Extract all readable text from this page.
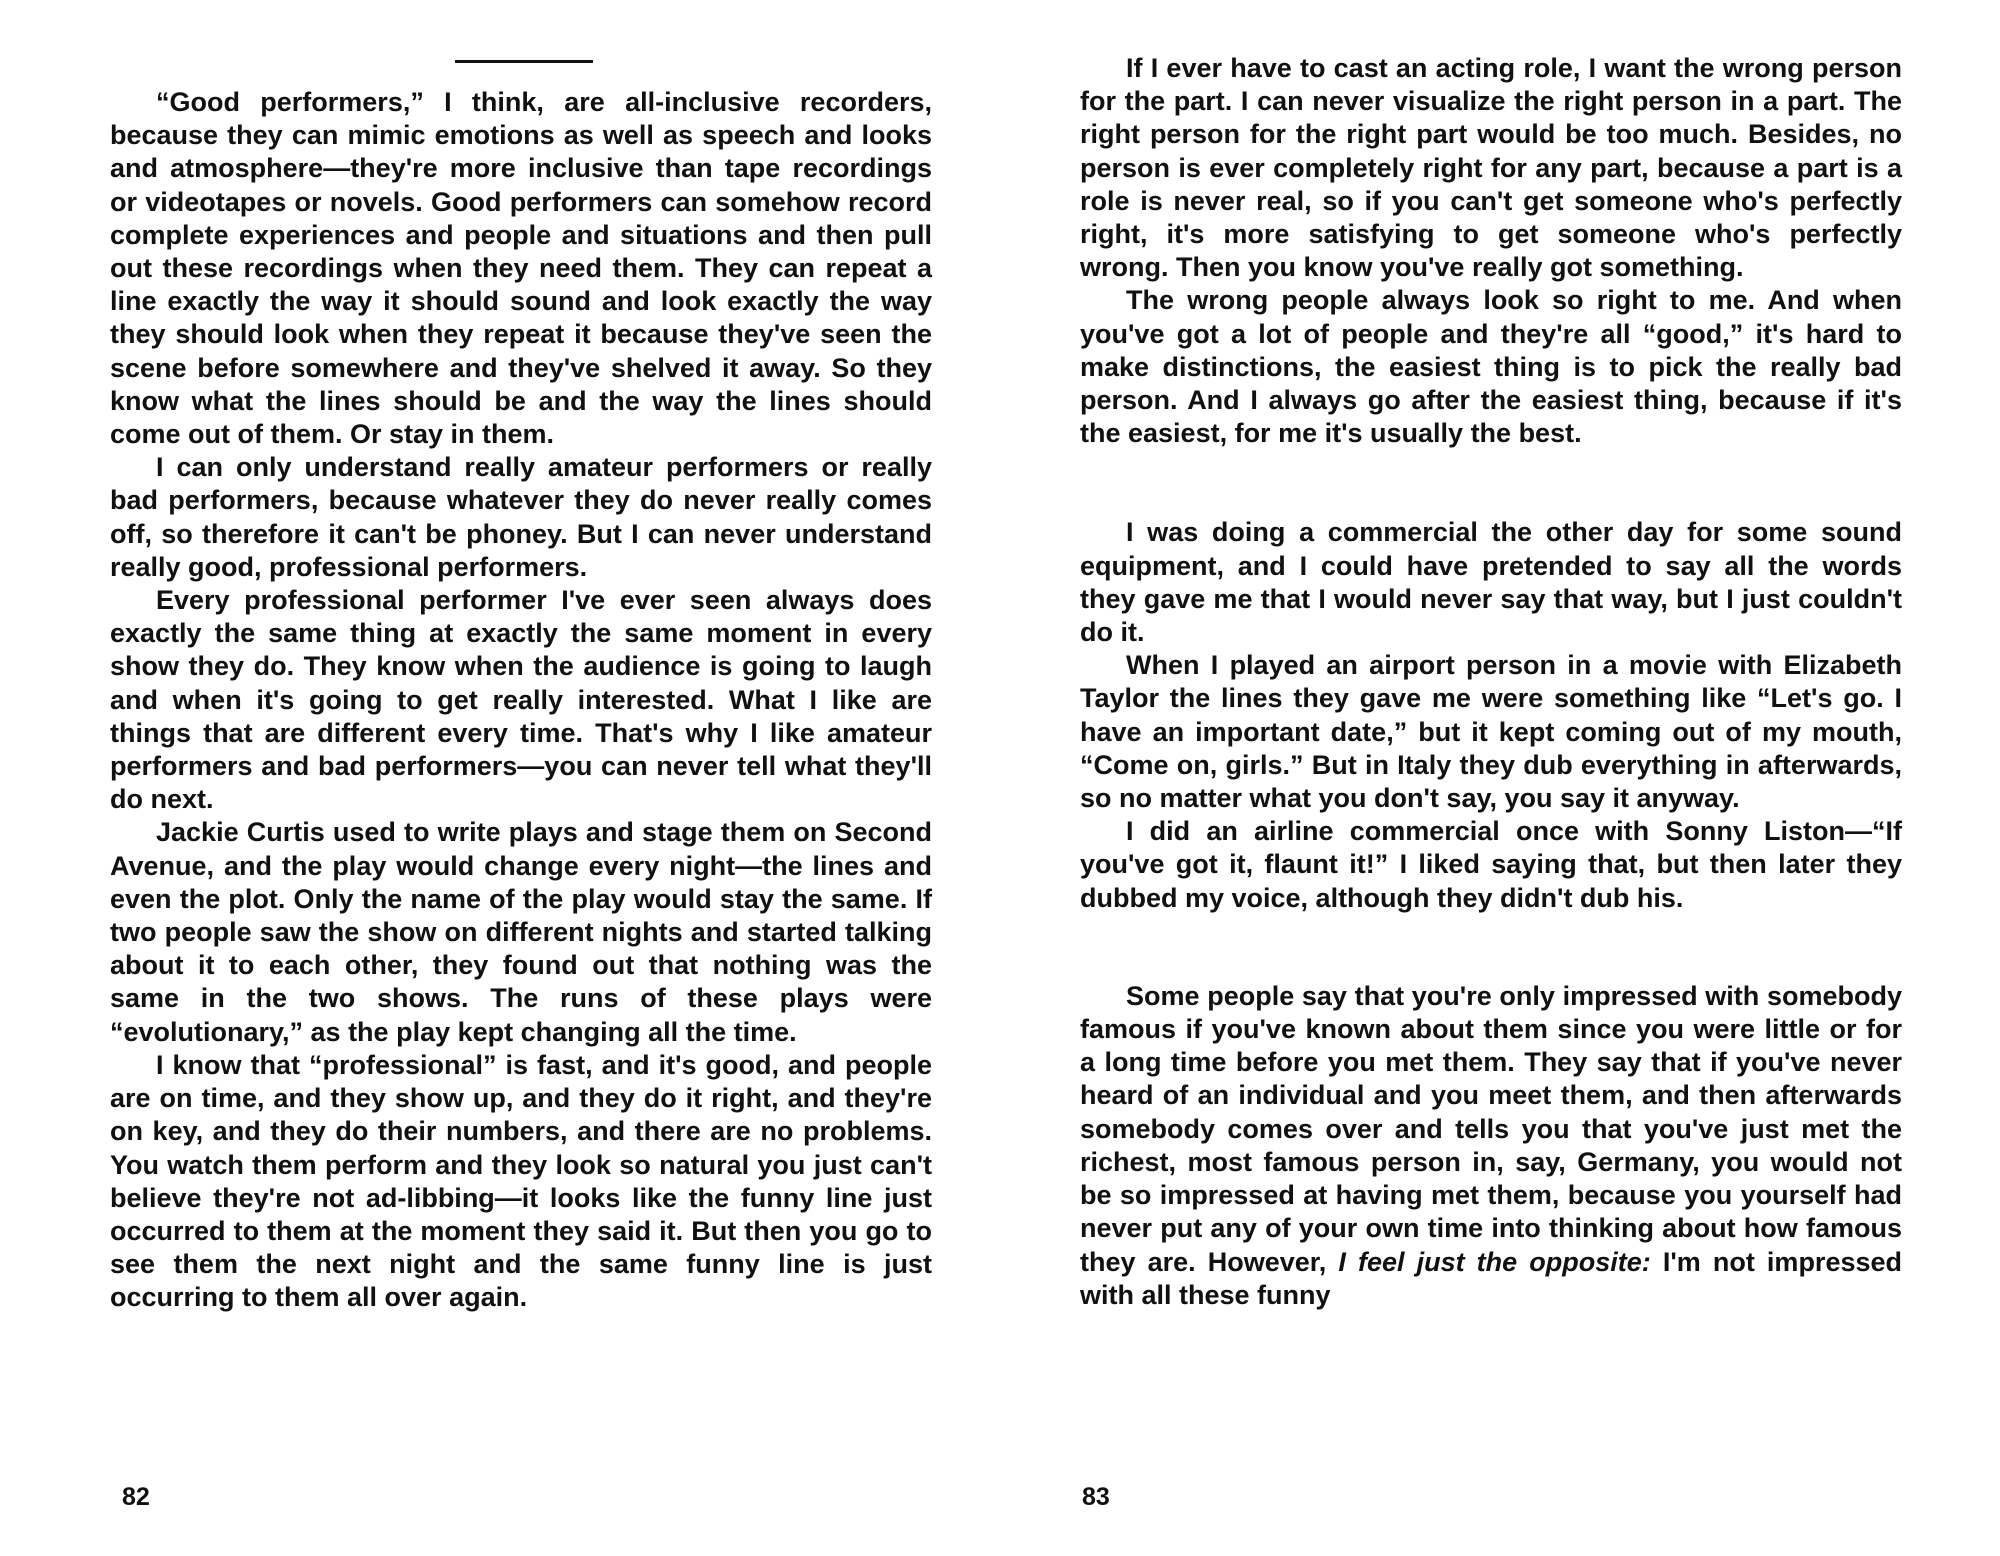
“Good performers,” I think, are all-inclusive recorders, because they can mimic emotions as well as speech and looks and atmosphere—they're more inclusive than tape recordings or videotapes or novels. Good performers can somehow record complete experiences and people and situations and then pull out these recordings when they need them. They can repeat a line exactly the way it should sound and look exactly the way they should look when they repeat it because they've seen the scene before somewhere and they've shelved it away. So they know what the lines should be and the way the lines should come out of them. Or stay in them.

I can only understand really amateur performers or really bad performers, because whatever they do never really comes off, so therefore it can't be phoney. But I can never understand really good, professional performers.

Every professional performer I've ever seen always does exactly the same thing at exactly the same moment in every show they do. They know when the audience is going to laugh and when it's going to get really interested. What I like are things that are different every time. That's why I like amateur performers and bad performers—you can never tell what they'll do next.

Jackie Curtis used to write plays and stage them on Second Avenue, and the play would change every night—the lines and even the plot. Only the name of the play would stay the same. If two people saw the show on different nights and started talking about it to each other, they found out that nothing was the same in the two shows. The runs of these plays were “evolutionary,” as the play kept changing all the time.

I know that “professional” is fast, and it's good, and people are on time, and they show up, and they do it right, and they're on key, and they do their numbers, and there are no problems. You watch them perform and they look so natural you just can't believe they're not ad-libbing—it looks like the funny line just occurred to them at the moment they said it. But then you go to see them the next night and the same funny line is just occurring to them all over again.

82

If I ever have to cast an acting role, I want the wrong person for the part. I can never visualize the right person in a part. The right person for the right part would be too much. Besides, no person is ever completely right for any part, because a part is a role is never real, so if you can't get someone who's perfectly right, it's more satisfying to get someone who's perfectly wrong. Then you know you've really got something.

The wrong people always look so right to me. And when you've got a lot of people and they're all “good,” it's hard to make distinctions, the easiest thing is to pick the really bad person. And I always go after the easiest thing, because if it's the easiest, for me it's usually the best.

I was doing a commercial the other day for some sound equipment, and I could have pretended to say all the words they gave me that I would never say that way, but I just couldn't do it.

When I played an airport person in a movie with Elizabeth Taylor the lines they gave me were something like “Let's go. I have an important date,” but it kept coming out of my mouth, “Come on, girls.” But in Italy they dub everything in afterwards, so no matter what you don't say, you say it anyway.

I did an airline commercial once with Sonny Liston—“If you've got it, flaunt it!” I liked saying that, but then later they dubbed my voice, although they didn't dub his.

Some people say that you're only impressed with somebody famous if you've known about them since you were little or for a long time before you met them. They say that if you've never heard of an individual and you meet them, and then afterwards somebody comes over and tells you that you've just met the richest, most famous person in, say, Germany, you would not be so impressed at having met them, because you yourself had never put any of your own time into thinking about how famous they are. However, I feel just the opposite: I'm not impressed with all these funny

83
